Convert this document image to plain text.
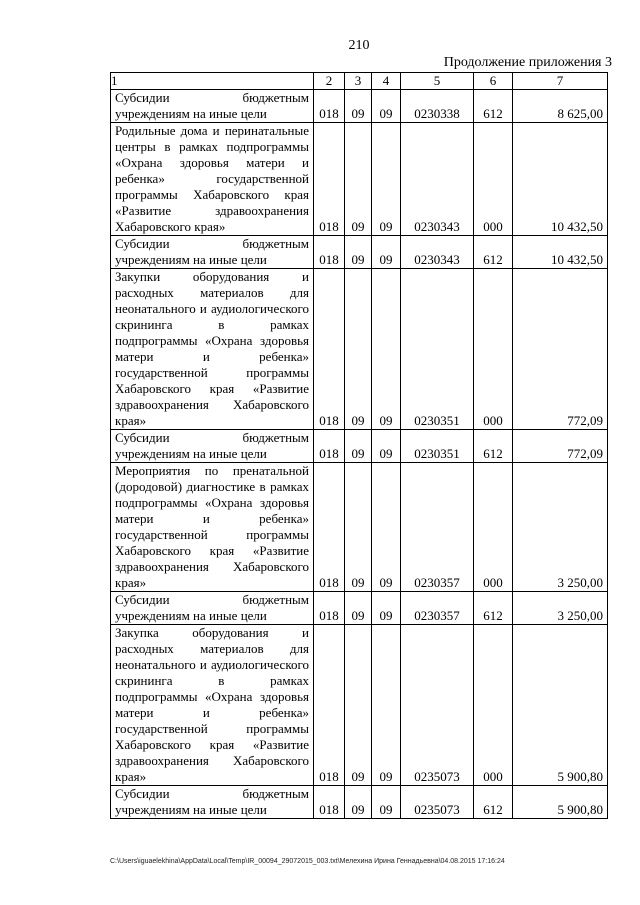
210
Продолжение приложения 3
1	2	3	4	5	6	7
Субсидии бюджетным учреждениям на иные цели	018	09	09	0230338	612	8 625,00
Родильные дома и перинатальные центры в рамках подпрограммы «Охрана здоровья матери и ребенка» государственной программы Хабаровского края «Развитие здравоохранения Хабаровского края»	018	09	09	0230343	000	10 432,50
Субсидии бюджетным учреждениям на иные цели	018	09	09	0230343	612	10 432,50
Закупки оборудования и расходных материалов для неонатального и аудиологического скрининга в рамках подпрограммы «Охрана здоровья матери и ребенка» государственной программы Хабаровского края «Развитие здравоохранения Хабаровского края»	018	09	09	0230351	000	772,09
Субсидии бюджетным учреждениям на иные цели	018	09	09	0230351	612	772,09
Мероприятия по пренатальной (дородовой) диагностике в рамках подпрограммы «Охрана здоровья матери и ребенка» государственной программы Хабаровского края «Развитие здравоохранения Хабаровского края»	018	09	09	0230357	000	3 250,00
Субсидии бюджетным учреждениям на иные цели	018	09	09	0230357	612	3 250,00
Закупка оборудования и расходных материалов для неонатального и аудиологического скрининга в рамках подпрограммы «Охрана здоровья матери и ребенка» государственной программы Хабаровского края «Развитие здравоохранения Хабаровского края»	018	09	09	0235073	000	5 900,80
Субсидии бюджетным учреждениям на иные цели	018	09	09	0235073	612	5 900,80
C:\Users\iguaelekhina\AppData\Local\Temp\IR_00094_29072015_003.txt\Мелехина Ирина Геннадьевна\04.08.2015 17:16:24
